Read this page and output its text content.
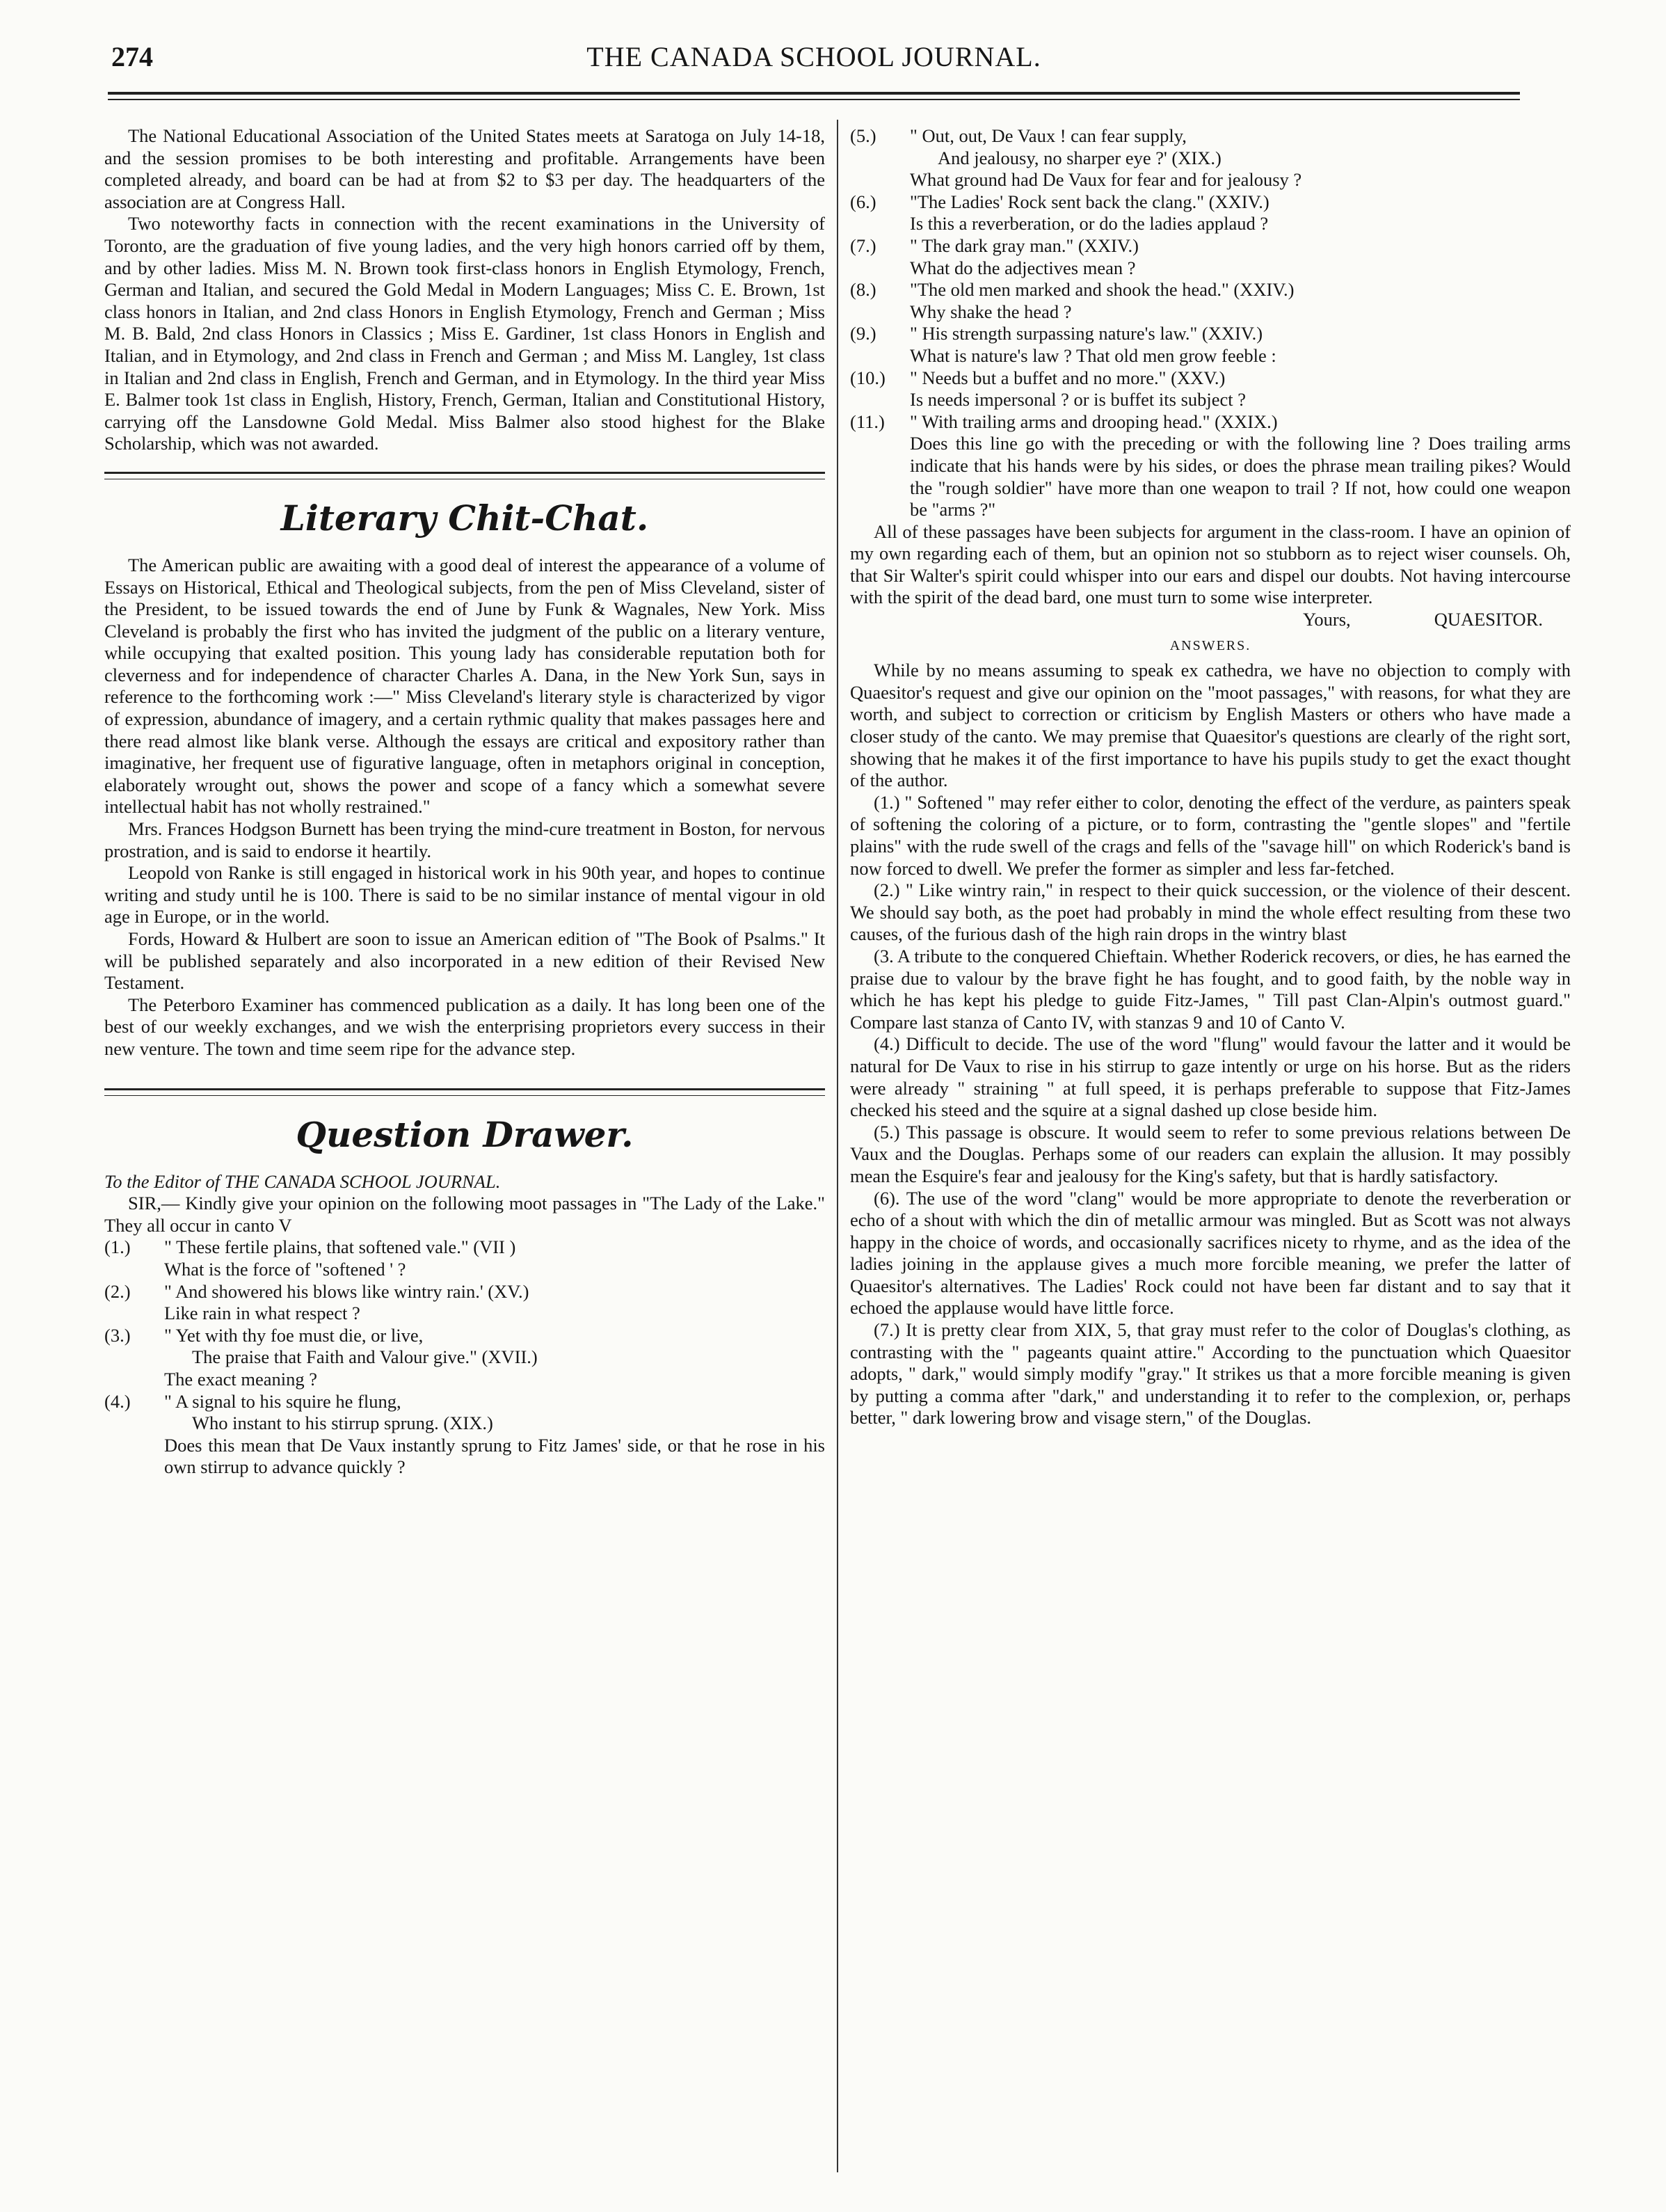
274	THE CANADA SCHOOL JOURNAL.

The National Educational Association of the United States meets at Saratoga on July 14-18, and the session promises to be both interesting and profitable. Arrangements have been completed already, and board can be had at from $2 to $3 per day. The headquarters of the association are at Congress Hall.

Two noteworthy facts in connection with the recent examinations in the University of Toronto, are the graduation of five young ladies, and the very high honors carried off by them, and by other ladies. Miss M. N. Brown took first-class honors in English Etymology, French, German and Italian, and secured the Gold Medal in Modern Languages; Miss C. E. Brown, 1st class honors in Italian, and 2nd class Honors in English Etymology, French and German ; Miss M. B. Bald, 2nd class Honors in Classics ; Miss E. Gardiner, 1st class Honors in English and Italian, and in Etymology, and 2nd class in French and German ; and Miss M. Langley, 1st class in Italian and 2nd class in English, French and German, and in Etymology. In the third year Miss E. Balmer took 1st class in English, History, French, German, Italian and Constitutional History, carrying off the Lansdowne Gold Medal. Miss Balmer also stood highest for the Blake Scholarship, which was not awarded.

Literary Chit-Chat.

The American public are awaiting with a good deal of interest the appearance of a volume of Essays on Historical, Ethical and Theological subjects, from the pen of Miss Cleveland, sister of the President, to be issued towards the end of June by Funk & Wagnales, New York. Miss Cleveland is probably the first who has invited the judgment of the public on a literary venture, while occupying that exalted position. This young lady has considerable reputation both for cleverness and for independence of character Charles A. Dana, in the New York Sun, says in reference to the forthcoming work :—" Miss Cleveland's literary style is characterized by vigor of expression, abundance of imagery, and a certain rythmic quality that makes passages here and there read almost like blank verse. Although the essays are critical and expository rather than imaginative, her frequent use of figurative language, often in metaphors original in conception, elaborately wrought out, shows the power and scope of a fancy which a somewhat severe intellectual habit has not wholly restrained."

Mrs. Frances Hodgson Burnett has been trying the mind-cure treatment in Boston, for nervous prostration, and is said to endorse it heartily.

Leopold von Ranke is still engaged in historical work in his 90th year, and hopes to continue writing and study until he is 100. There is said to be no similar instance of mental vigour in old age in Europe, or in the world.

Fords, Howard & Hulbert are soon to issue an American edition of "The Book of Psalms." It will be published separately and also incorporated in a new edition of their Revised New Testament.

The Peterboro Examiner has commenced publication as a daily. It has long been one of the best of our weekly exchanges, and we wish the enterprising proprietors every success in their new venture. The town and time seem ripe for the advance step.

Question Drawer.

To the Editor of THE CANADA SCHOOL JOURNAL.

SIR,— Kindly give your opinion on the following moot passages in "The Lady of the Lake." They all occur in canto V

(1.) " These fertile plains, that softened vale." (VII )
What is the force of "softened ' ?
(2.) " And showered his blows like wintry rain.' (XV.)
Like rain in what respect ?
(3.) " Yet with thy foe must die, or live,
The praise that Faith and Valour give." (XVII.)
The exact meaning ?
(4.) " A signal to his squire he flung,
Who instant to his stirrup sprung. (XIX.)
Does this mean that De Vaux instantly sprung to Fitz James' side, or that he rose in his own stirrup to advance quickly ?
(5.) " Out, out, De Vaux ! can fear supply,
And jealousy, no sharper eye ?' (XIX.)
What ground had De Vaux for fear and for jealousy ?
(6.) "The Ladies' Rock sent back the clang." (XXIV.)
Is this a reverberation, or do the ladies applaud ?
(7.) " The dark gray man." (XXIV.)
What do the adjectives mean ?
(8.) "The old men marked and shook the head." (XXIV.)
Why shake the head ?
(9.) " His strength surpassing nature's law." (XXIV.)
What is nature's law ? That old men grow feeble :
(10.) " Needs but a buffet and no more." (XXV.)
Is needs impersonal ? or is buffet its subject ?
(11.) " With trailing arms and drooping head." (XXIX.)
Does this line go with the preceding or with the following line ? Does trailing arms indicate that his hands were by his sides, or does the phrase mean trailing pikes? Would the "rough soldier" have more than one weapon to trail ? If not, how could one weapon be "arms ?"

All of these passages have been subjects for argument in the class-room. I have an opinion of my own regarding each of them, but an opinion not so stubborn as to reject wiser counsels. Oh, that Sir Walter's spirit could whisper into our ears and dispel our doubts. Not having intercourse with the spirit of the dead bard, one must turn to some wise interpreter.

Yours,	QUAESITOR.
ANSWERS.

While by no means assuming to speak ex cathedra, we have no objection to comply with Quaesitor's request and give our opinion on the "moot passages," with reasons, for what they are worth, and subject to correction or criticism by English Masters or others who have made a closer study of the canto. We may premise that Quaesitor's questions are clearly of the right sort, showing that he makes it of the first importance to have his pupils study to get the exact thought of the author.

(1.) " Softened " may refer either to color, denoting the effect of the verdure, as painters speak of softening the coloring of a picture, or to form, contrasting the "gentle slopes" and "fertile plains" with the rude swell of the crags and fells of the "savage hill" on which Roderick's band is now forced to dwell. We prefer the former as simpler and less far-fetched.

(2.) " Like wintry rain," in respect to their quick succession, or the violence of their descent. We should say both, as the poet had probably in mind the whole effect resulting from these two causes, of the furious dash of the high rain drops in the wintry blast

(3. A tribute to the conquered Chieftain. Whether Roderick recovers, or dies, he has earned the praise due to valour by the brave fight he has fought, and to good faith, by the noble way in which he has kept his pledge to guide Fitz-James, " Till past Clan-Alpin's outmost guard." Compare last stanza of Canto IV, with stanzas 9 and 10 of Canto V.

(4.) Difficult to decide. The use of the word "flung" would favour the latter and it would be natural for De Vaux to rise in his stirrup to gaze intently or urge on his horse. But as the riders were already " straining " at full speed, it is perhaps preferable to suppose that Fitz-James checked his steed and the squire at a signal dashed up close beside him.

(5.) This passage is obscure. It would seem to refer to some previous relations between De Vaux and the Douglas. Perhaps some of our readers can explain the allusion. It may possibly mean the Esquire's fear and jealousy for the King's safety, but that is hardly satisfactory.

(6). The use of the word "clang" would be more appropriate to denote the reverberation or echo of a shout with which the din of metallic armour was mingled. But as Scott was not always happy in the choice of words, and occasionally sacrifices nicety to rhyme, and as the idea of the ladies joining in the applause gives a much more forcible meaning, we prefer the latter of Quaesitor's alternatives. The Ladies' Rock could not have been far distant and to say that it echoed the applause would have little force.

(7.) It is pretty clear from XIX, 5, that gray must refer to the color of Douglas's clothing, as contrasting with the " pageants quaint attire." According to the punctuation which Quaesitor adopts, " dark," would simply modify "gray." It strikes us that a more forcible meaning is given by putting a comma after "dark," and understanding it to refer to the complexion, or, perhaps better, " dark lowering brow and visage stern," of the Douglas.
